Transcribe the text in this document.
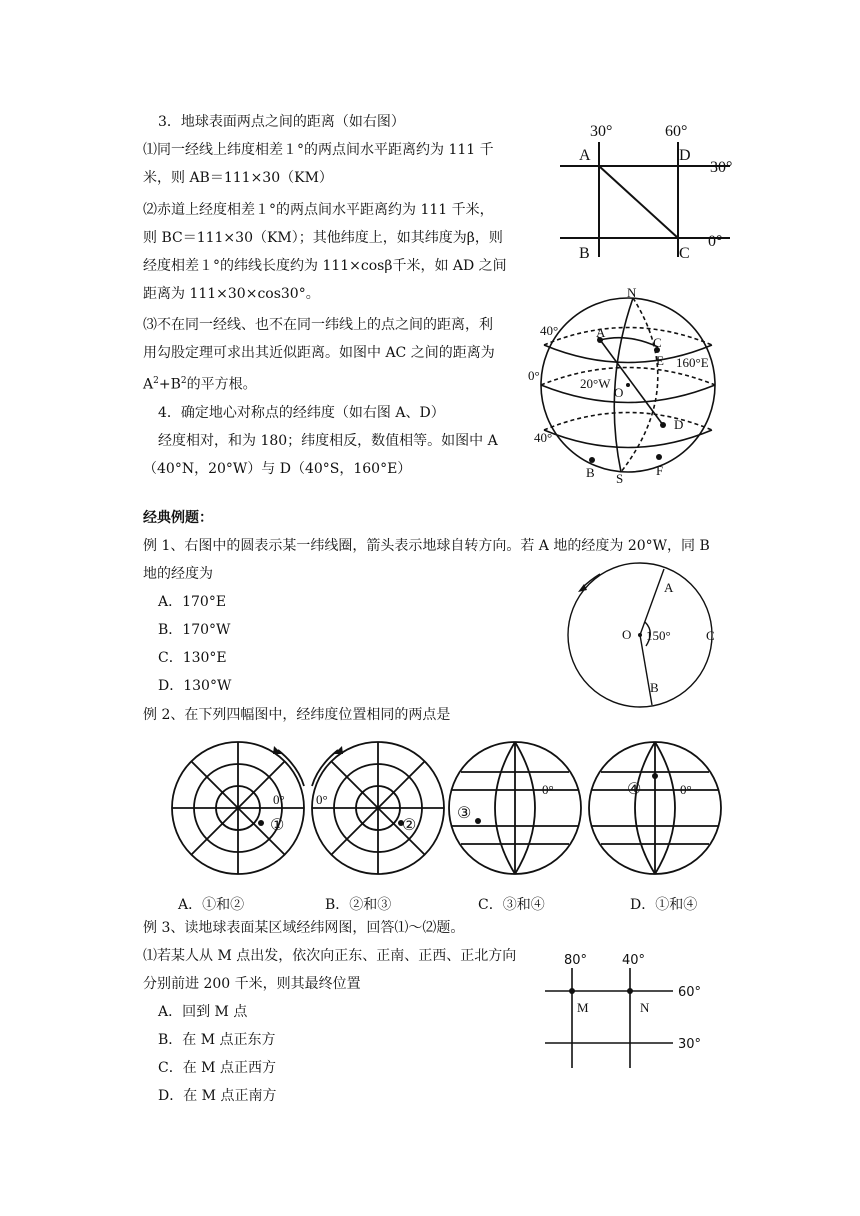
3．地球表面两点之间的距离（如右图）
⑴同一经线上纬度相差１°的两点间水平距离约为 111 千
米，则 AB＝111×30（KM）
⑵赤道上经度相差１°的两点间水平距离约为 111 千米，
则 BC＝111×30（KM）；其他纬度上，如其纬度为β，则
经度相差１°的纬线长度约为 111×cosβ千米，如 AD 之间
距离为 111×30×cos30°。
⑶不在同一经线、也不在同一纬线上的点之间的距离，利
用勾股定理可求出其近似距离。如图中 AC 之间的距离为
$A^2+B^2$的平方根。
4．确定地心对称点的经纬度（如右图 A、D）
经度相对，和为 180；纬度相反，数值相等。如图中 A
（40°N，20°W）与 D（40°S，160°E）
30°	60°
30°
0°
A	D
B	C
N
S
A
C
E
O
D
B	F
40°
0°
40°
20°W
160°E
经典例题：
例 1、右图中的圆表示某一纬线圈，箭头表示地球自转方向。若 A 地的经度为 20°W，同 B
地的经度为
A．170°E
B．170°W
C．130°E
D．130°W
A
B
C
O 150°
例 2、在下列四幅图中，经纬度位置相同的两点是
0°
①
0°
②
0°
③
0°
④
A．①和②	B．②和③	C．③和④	D．①和④
例 3、读地球表面某区域经纬网图，回答⑴～⑵题。
⑴若某人从 M 点出发，依次向正东、正南、正西、正北方向
分别前进 200 千米，则其最终位置
A．回到 M 点
B．在 M 点正东方
C．在 M 点正西方
D．在 M 点正南方
80°	40°
60°
30°
M	N
